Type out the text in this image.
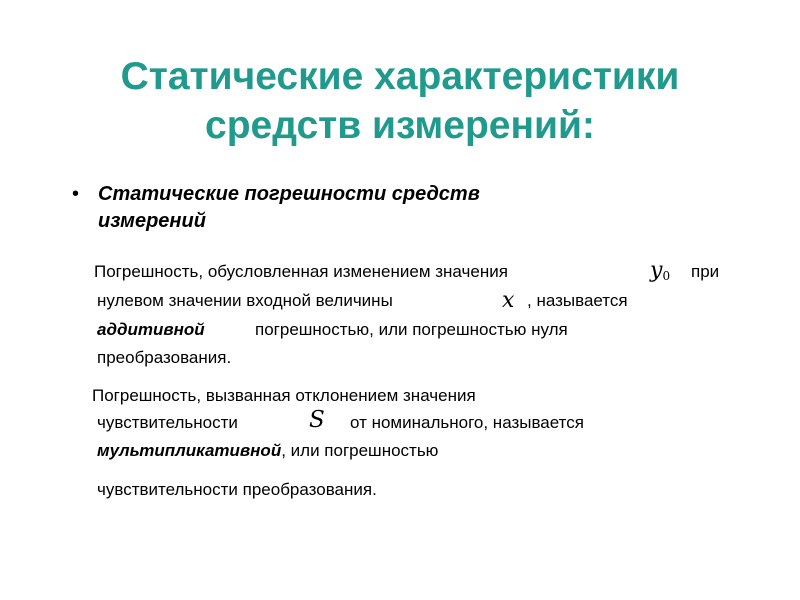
Статические характеристики
средств измерений:
• Статические погрешности средств
измерений
Погрешность, обусловленная изменением значения	$y_0$ при
нулевом значении входной величины	x , называется
аддитивной	погрешностью, или погрешностью нуля
преобразования.
Погрешность, вызванная отклонением значения
чувствительности	S от номинального, называется
мультипликативной, или погрешностью
чувствительности преобразования.
